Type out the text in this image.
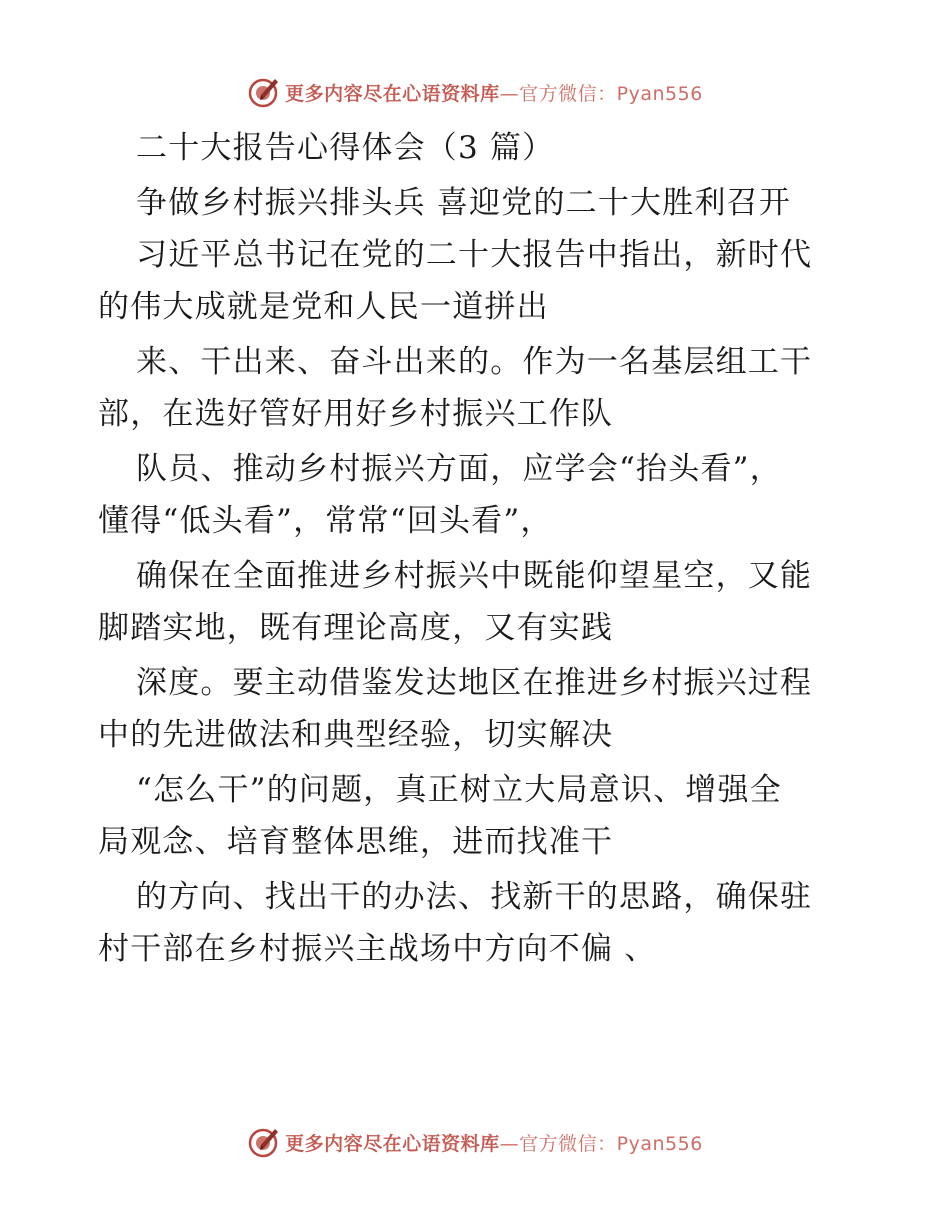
更多内容尽在心语资料库—官方微信：Pyan556

二十大报告心得体会（3 篇）

争做乡村振兴排头兵 喜迎党的二十大胜利召开

习近平总书记在党的二十大报告中指出，新时代

的伟大成就是党和人民一道拼出

来、干出来、奋斗出来的。作为一名基层组工干

部，在选好管好用好乡村振兴工作队

队员、推动乡村振兴方面，应学会“抬头看”，

懂得“低头看”，常常“回头看”，

确保在全面推进乡村振兴中既能仰望星空，又能

脚踏实地，既有理论高度，又有实践

深度。要主动借鉴发达地区在推进乡村振兴过程

中的先进做法和典型经验，切实解决

“怎么干”的问题，真正树立大局意识、增强全

局观念、培育整体思维，进而找准干

的方向、找出干的办法、找新干的思路，确保驻

村干部在乡村振兴主战场中方向不偏 、

更多内容尽在心语资料库—官方微信：Pyan556
